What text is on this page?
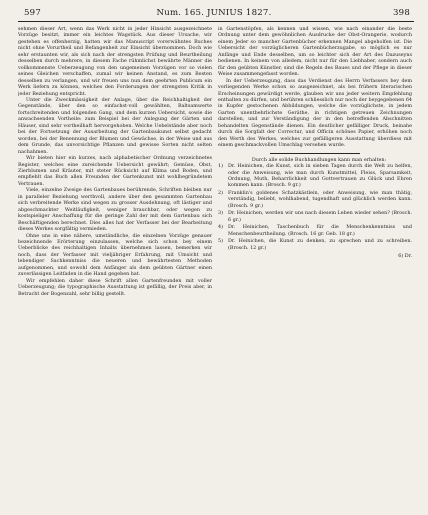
597	Num. 165. JUNIUS 1827.	398

sehmen dieser Art, wenn das Werk nicht in jeder Hinsicht ausgezeichnete Vorzüge besitzt, immer ein leichtes Wagstück. Aus dieser Ursache, wir gestehen es offenherzig, hatten wir das Manuscript vorerwähntes Buches nicht ohne Vorurtheil und Befangenheit zur Einsicht übernommen. Doch wie sehr erstaunten wir, als sich nach der strengsten Prüfung und Beurtheilung desselben durch mehrere, in diesem Fache rühmlichst bewährte Männer die vollkommenste Ueberzeugung von den ungemeinen Vorzügen vor so vielen seines Gleichen verschaffen, zumal wir keinen Anstand, es zum Besten desselben zu verlangen, und wir freuen uns nun dem geehrten Publicum ein Werk liefern zu können, welches den Forderungen der strengsten Kritik in jeder Beziehung entspricht.

Unter die Zweckmässigkeit der Anlage, über die Reichhaltigkeit der Gegenstände, über den so einfachst-voll gewählten, Baltsamwerte fortschreitenden und folgenden Gang, und dem kurzen Uebersicht, sowie die anwachsenden Vortheile: zum Beispiel bei der Anlegung der Gärten und Häuser, sind sehr vortheilhaft hervorgehoben. Welche Uebelstände aber noch bei der Fortsetzung der Ausarbeitung der Gartenbaukunst selbst gedacht worden, bei der Benennung der Blumen und Gewächse, in der Weise und aus dem Grunde, das unvorsichtige Pflanzen und gewisse Sorten nicht selten nachahmen.

Wir bieten hier ein kurzes, nach alphabetischer Ordnung verzeichnetes Register, welches eine zureichende Uebersicht gewährt; Gemüse, Obst, Zierblumen und Kräuter, mit steter Rücksicht auf Klima und Boden, und empfiehlt das Buch allen Freunden der Gartenkunst mit wohlbegründetem Vertrauen.

Viele, einzelne Zweige des Gartenbaues berührende, Schriften bleiben nur in paralleler Beziehung werthvoll, andere über den gesammten Gartenbau sich verbreitende Werke sind wegen zu grosser Ausdehnung, oft lästiger und abgeschmackter Weitläufigkeit, weniger brauchbar, oder wegen zu kostspieliger Anschaffung für die geringe Zahl der mit dem Gartenbau sich Beschäftigenden berechnet. Dies alles hat der Verfasser bei der Bearbeitung dieses Werkes sorgfältig vermieden.

Ohne uns in eine nähere, umständliche, die einzelnen Vorzüge genauer bezeichnende Erörterung einzulassen, welche sich schon bey einem Ueberblicke des reichhaltigen Inhalts übernehmen lassen, bemerken wir noch, dass der Verfasser mit vieljähriger Erfahrung, mit Umsicht und lebendiger Sachkenntniss die neueren und bewährtesten Methoden aufgenommen, und sowohl dem Anfänger als dem geübten Gärtner einen zuverlässigen Leitfaden in die Hand gegeben hat.

Wir empfehlen daher diese Schrift allen Gartenfreunden mit voller Ueberzeugung; die typographische Ausstattung ist gefällig, der Preis aber, in Betracht der Bogenzahl, sehr billig gestellt.

in Gartenstöpfen, als kennen und wissen, wie nach einander die beste Ordnung unter dem gewöhnlichen Ausdrucke der Obst-Orangerie, wodurch einem Jeder so mancher Gartenbücher erkennen Mangel abgeholfen ist. Die Uebersicht der vorzüglicheren Gartenbücherzugabe, so möglich es nur Anfänge und Ende desselben, um so leichter sich der Art des Dazuseyns bedienen. In keinem von alledem, nicht nur für den Liebhaber, sondern auch für den geübten Künstler, sind die Regeln des Baues und der Pflege in dieser Weise zusammengefasst worden.

In der Ueberzeugung, dass das Verdienst des Herrn Verfassers bey dem vorliegenden Werke schon so ausgezeichnet, als bei frühern literarischen Erscheinungen gewürdigt werde, glauben wir uns jeder weitern Empfehlung enthalten zu dürfen, und berühren schliesslich nur noch der beygegebenen 64 in Kupfer gestochenen Abbildungen, welche die vorzüglichste, in jedem Garten unentbehrlichste Geräthe, in richtigen getreuen Zeichnungen darstellen, und zur Verständigung der in den betreffenden Abschnitten behandelten Gegenstände dienen. Ein deutlicher gefälliger Druck, beinahe durch die Sorgfalt der Correctur, und Officin schönes Papier, erhöhen noch den Werth des Werkes, welches zur gefälligeren Ausstattung überdiess mit einem geschmackvollen Umschlag versehen wurde.

Durch alle solide Buchhandlungen kann man erhalten:

1)	Dr. Heinichen, die Kunst, sich in sieben Tagen durch die Welt zu helfen, oder die Anweisung, wie man durch Kunstmittel, Fleiss, Sparsamkeit, Ordnung, Muth, Beharrlichkeit und Gottvertrauen zu Glück und Ehren kommen kann. (Brosch. 9 gr.)
2)	Franklin's goldenes Schatzkästlein, oder Anweisung, wie man thätig, verständig, beliebt, wohlhabend, tugendhaft und glücklich werden kann. (Brosch. 9 gr.)
3)	Dr. Heinichen, werden wir uns nach diesem Leben wieder sehen? (Brosch. 6 gr.)
4)	Dr. Heinichen, Taschenbuch für die Menschenkenntniss und Menschenbeurtheilung. (Brosch. 16 gr. Geb. 18 gr.)
5)	Dr. Heinichen, die Kunst zu denken, zu sprechen und zu schreiben. (Brosch. 12 gr.)
6) Dr.
